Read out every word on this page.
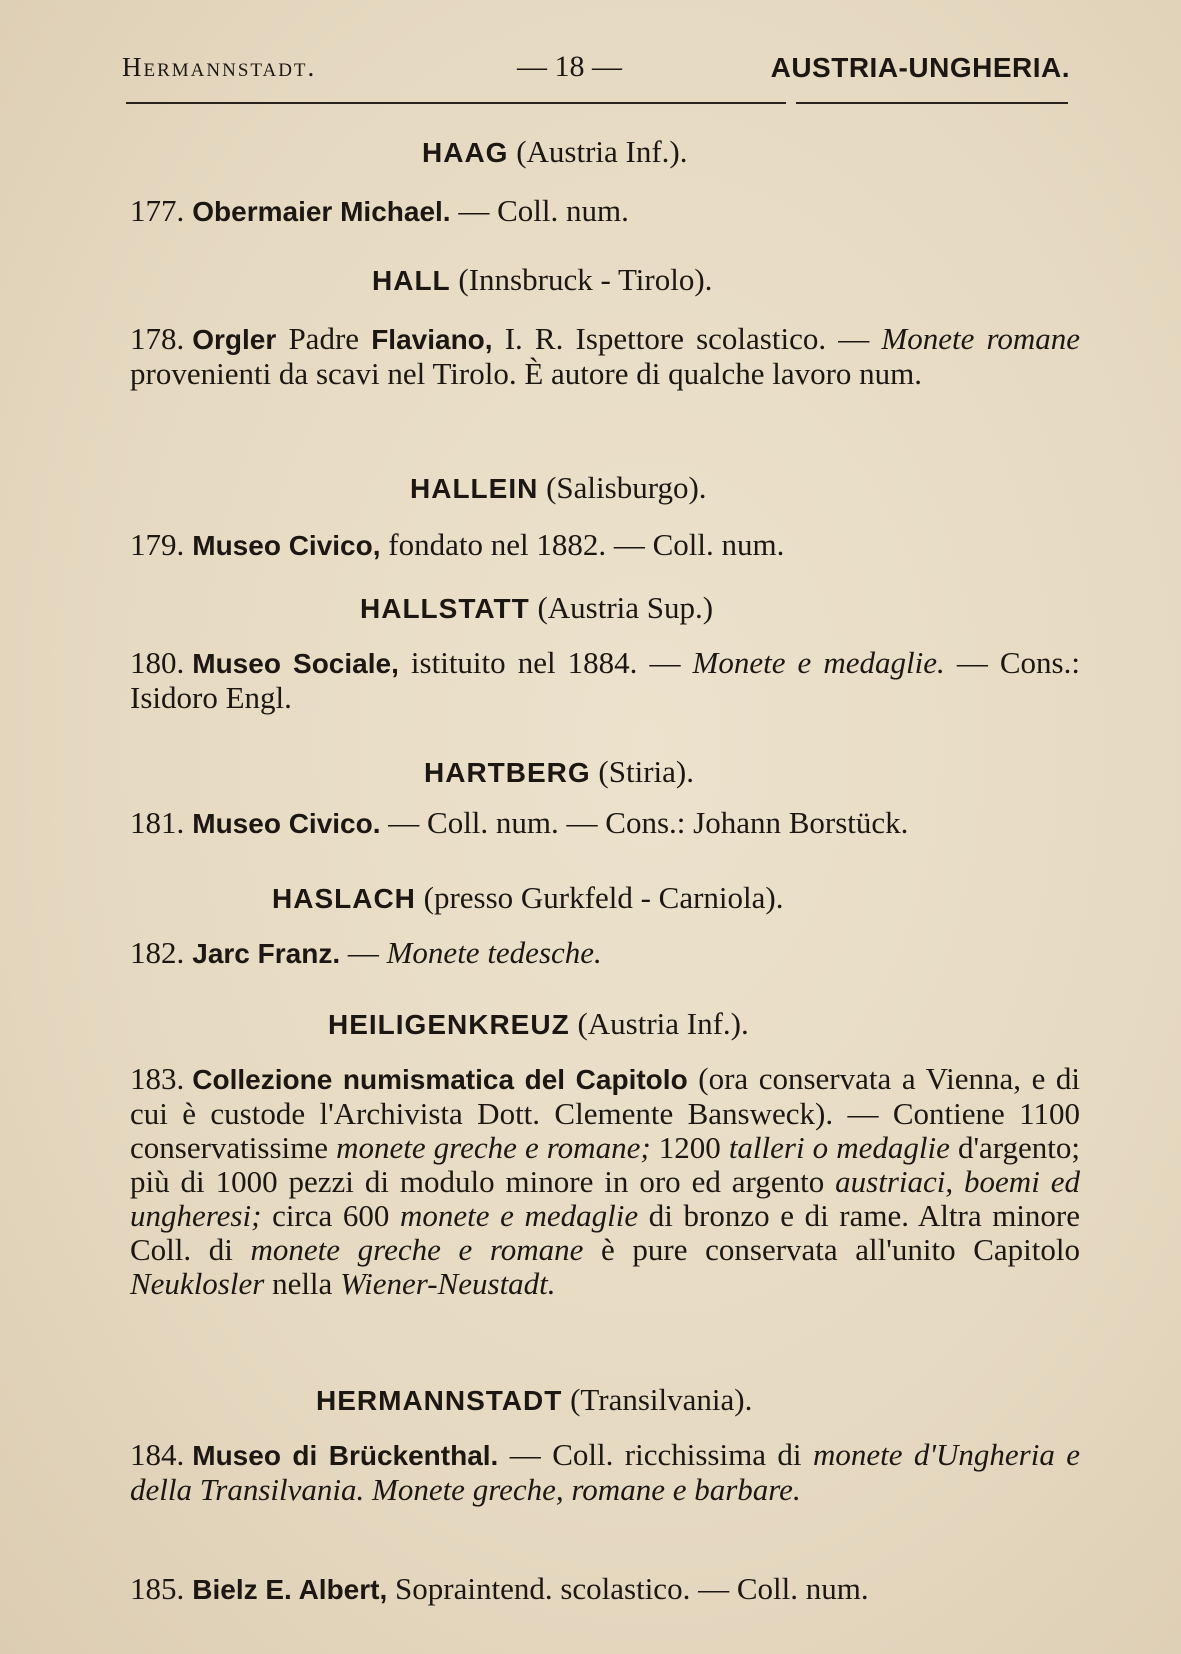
Hermannstadt.	— 18 —	AUSTRIA-UNGHERIA.
HAAG (Austria Inf.).
177. Obermaier Michael. — Coll. num.
HALL (Innsbruck - Tirolo).
178. Orgler Padre Flaviano, I. R. Ispettore scolastico. — Monete romane provenienti da scavi nel Tirolo. È autore di qualche lavoro num.
HALLEIN (Salisburgo).
179. Museo Civico, fondato nel 1882. — Coll. num.
HALLSTATT (Austria Sup.)
180. Museo Sociale, istituito nel 1884. — Monete e medaglie. — Cons.: Isidoro Engl.
HARTBERG (Stiria).
181. Museo Civico. — Coll. num. — Cons.: Johann Borstück.
HASLACH (presso Gurkfeld - Carniola).
182. Jarc Franz. — Monete tedesche.
HEILIGENKREUZ (Austria Inf.).
183. Collezione numismatica del Capitolo (ora conservata a Vienna, e di cui è custode l'Archivista Dott. Clemente Bansweck). — Contiene 1100 conservatissime monete greche e romane; 1200 talleri o medaglie d'argento; più di 1000 pezzi di modulo minore in oro ed argento austriaci, boemi ed ungheresi; circa 600 monete e medaglie di bronzo e di rame. Altra minore Coll. di monete greche e romane è pure conservata all'unito Capitolo Neuklosler nella Wiener-Neustadt.
HERMANNSTADT (Transilvania).
184. Museo di Brückenthal. — Coll. ricchissima di monete d'Ungheria e della Transilvania. Monete greche, romane e barbare.
185. Bielz E. Albert, Sopraintend. scolastico. — Coll. num.
